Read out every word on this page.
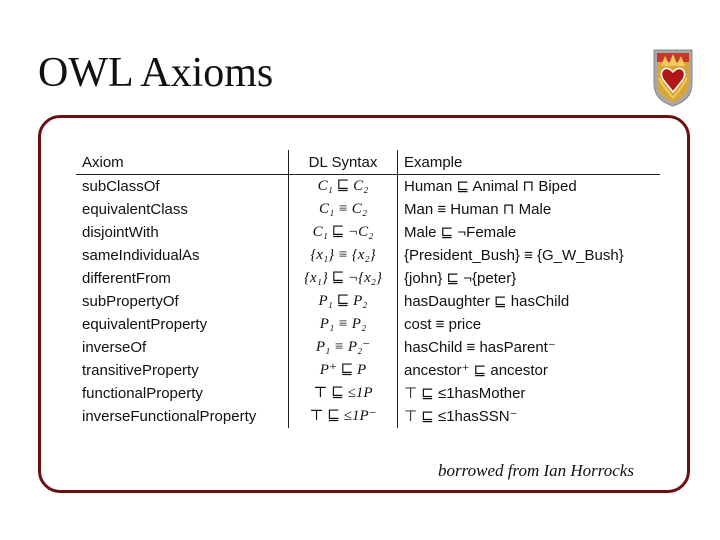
OWL Axioms
Axiom	DL Syntax	Example
subClassOf	C₁ ⊑ C₂	Human ⊑ Animal ⊓ Biped
equivalentClass	C₁ ≡ C₂	Man ≡ Human ⊓ Male
disjointWith	C₁ ⊑ ¬C₂	Male ⊑ ¬Female
sameIndividualAs	{x₁} ≡ {x₂}	{President_Bush} ≡ {G_W_Bush}
differentFrom	{x₁} ⊑ ¬{x₂}	{john} ⊑ ¬{peter}
subPropertyOf	P₁ ⊑ P₂	hasDaughter ⊑ hasChild
equivalentProperty	P₁ ≡ P₂	cost ≡ price
inverseOf	P₁ ≡ P₂⁻	hasChild ≡ hasParent⁻
transitiveProperty	P⁺ ⊑ P	ancestor⁺ ⊑ ancestor
functionalProperty	⊤ ⊑ ≤1P	⊤ ⊑ ≤1hasMother
inverseFunctionalProperty	⊤ ⊑ ≤1P⁻	⊤ ⊑ ≤1hasSSN⁻
borrowed from Ian Horrocks
